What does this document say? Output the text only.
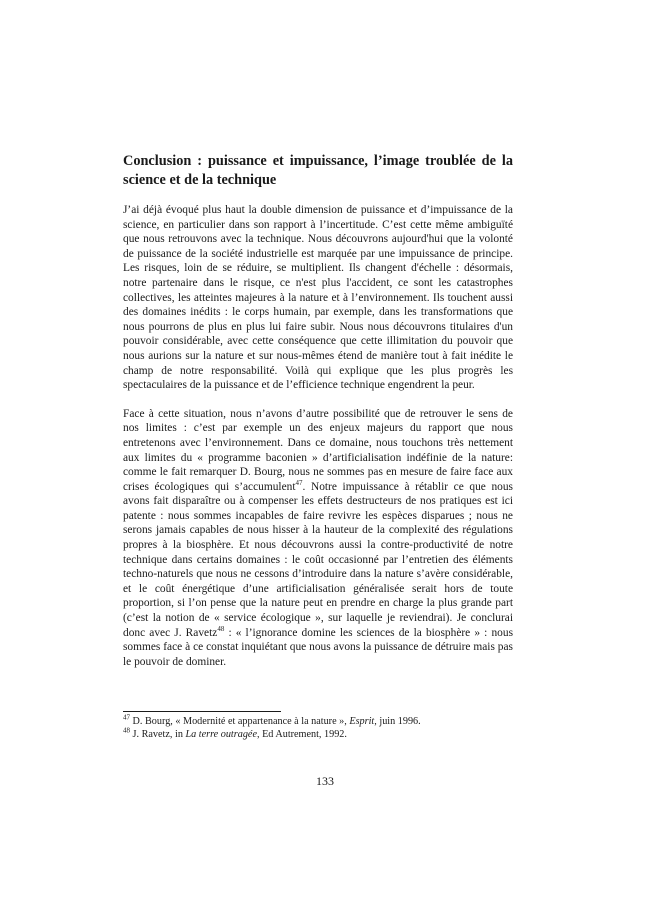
Conclusion : puissance et impuissance, l’image troublée de la science et de la technique

J’ai déjà évoqué plus haut la double dimension de puissance et d’impuissance de la science, en particulier dans son rapport à l’incertitude. C’est cette même ambiguïté que nous retrouvons avec la technique. Nous découvrons aujourd'hui que la volonté de puissance de la société industrielle est marquée par une impuissance de principe. Les risques, loin de se réduire, se multiplient. Ils changent d'échelle : désormais, notre partenaire dans le risque, ce n'est plus l'accident, ce sont les catastrophes collectives, les atteintes majeures à la nature et à l’environnement. Ils touchent aussi des domaines inédits : le corps humain, par exemple, dans les transformations que nous pourrons de plus en plus lui faire subir. Nous nous découvrons titulaires d'un pouvoir considérable, avec cette conséquence que cette illimitation du pouvoir que nous aurions sur la nature et sur nous-mêmes étend de manière tout à fait inédite le champ de notre responsabilité. Voilà qui explique que les plus progrès les spectaculaires de la puissance et de l’efficience technique engendrent la peur.

Face à cette situation, nous n’avons d’autre possibilité que de retrouver le sens de nos limites : c’est par exemple un des enjeux majeurs du rapport que nous entretenons avec l’environnement. Dans ce domaine, nous touchons très nettement aux limites du « programme baconien » d’artificialisation indéfinie de la nature: comme le fait remarquer D. Bourg, nous ne sommes pas en mesure de faire face aux crises écologiques qui s’accumulent$^{47}$. Notre impuissance à rétablir ce que nous avons fait disparaître ou à compenser les effets destructeurs de nos pratiques est ici patente : nous sommes incapables de faire revivre les espèces disparues ; nous ne serons jamais capables de nous hisser à la hauteur de la complexité des régulations propres à la biosphère. Et nous découvrons aussi la contre-productivité de notre technique dans certains domaines : le coût occasionné par l’entretien des éléments techno-naturels que nous ne cessons d’introduire dans la nature s’avère considérable, et le coût énergétique d’une artificialisation généralisée serait hors de toute proportion, si l’on pense que la nature peut en prendre en charge la plus grande part (c’est la notion de « service écologique », sur laquelle je reviendrai). Je conclurai donc avec J. Ravetz$^{48}$ : « l’ignorance domine les sciences de la biosphère » : nous sommes face à ce constat inquiétant que nous avons la puissance de détruire mais pas le pouvoir de dominer.

$^{47}$ D. Bourg, « Modernité et appartenance à la nature », Esprit, juin 1996.

$^{48}$ J. Ravetz, in La terre outragée, Ed Autrement, 1992.

133
